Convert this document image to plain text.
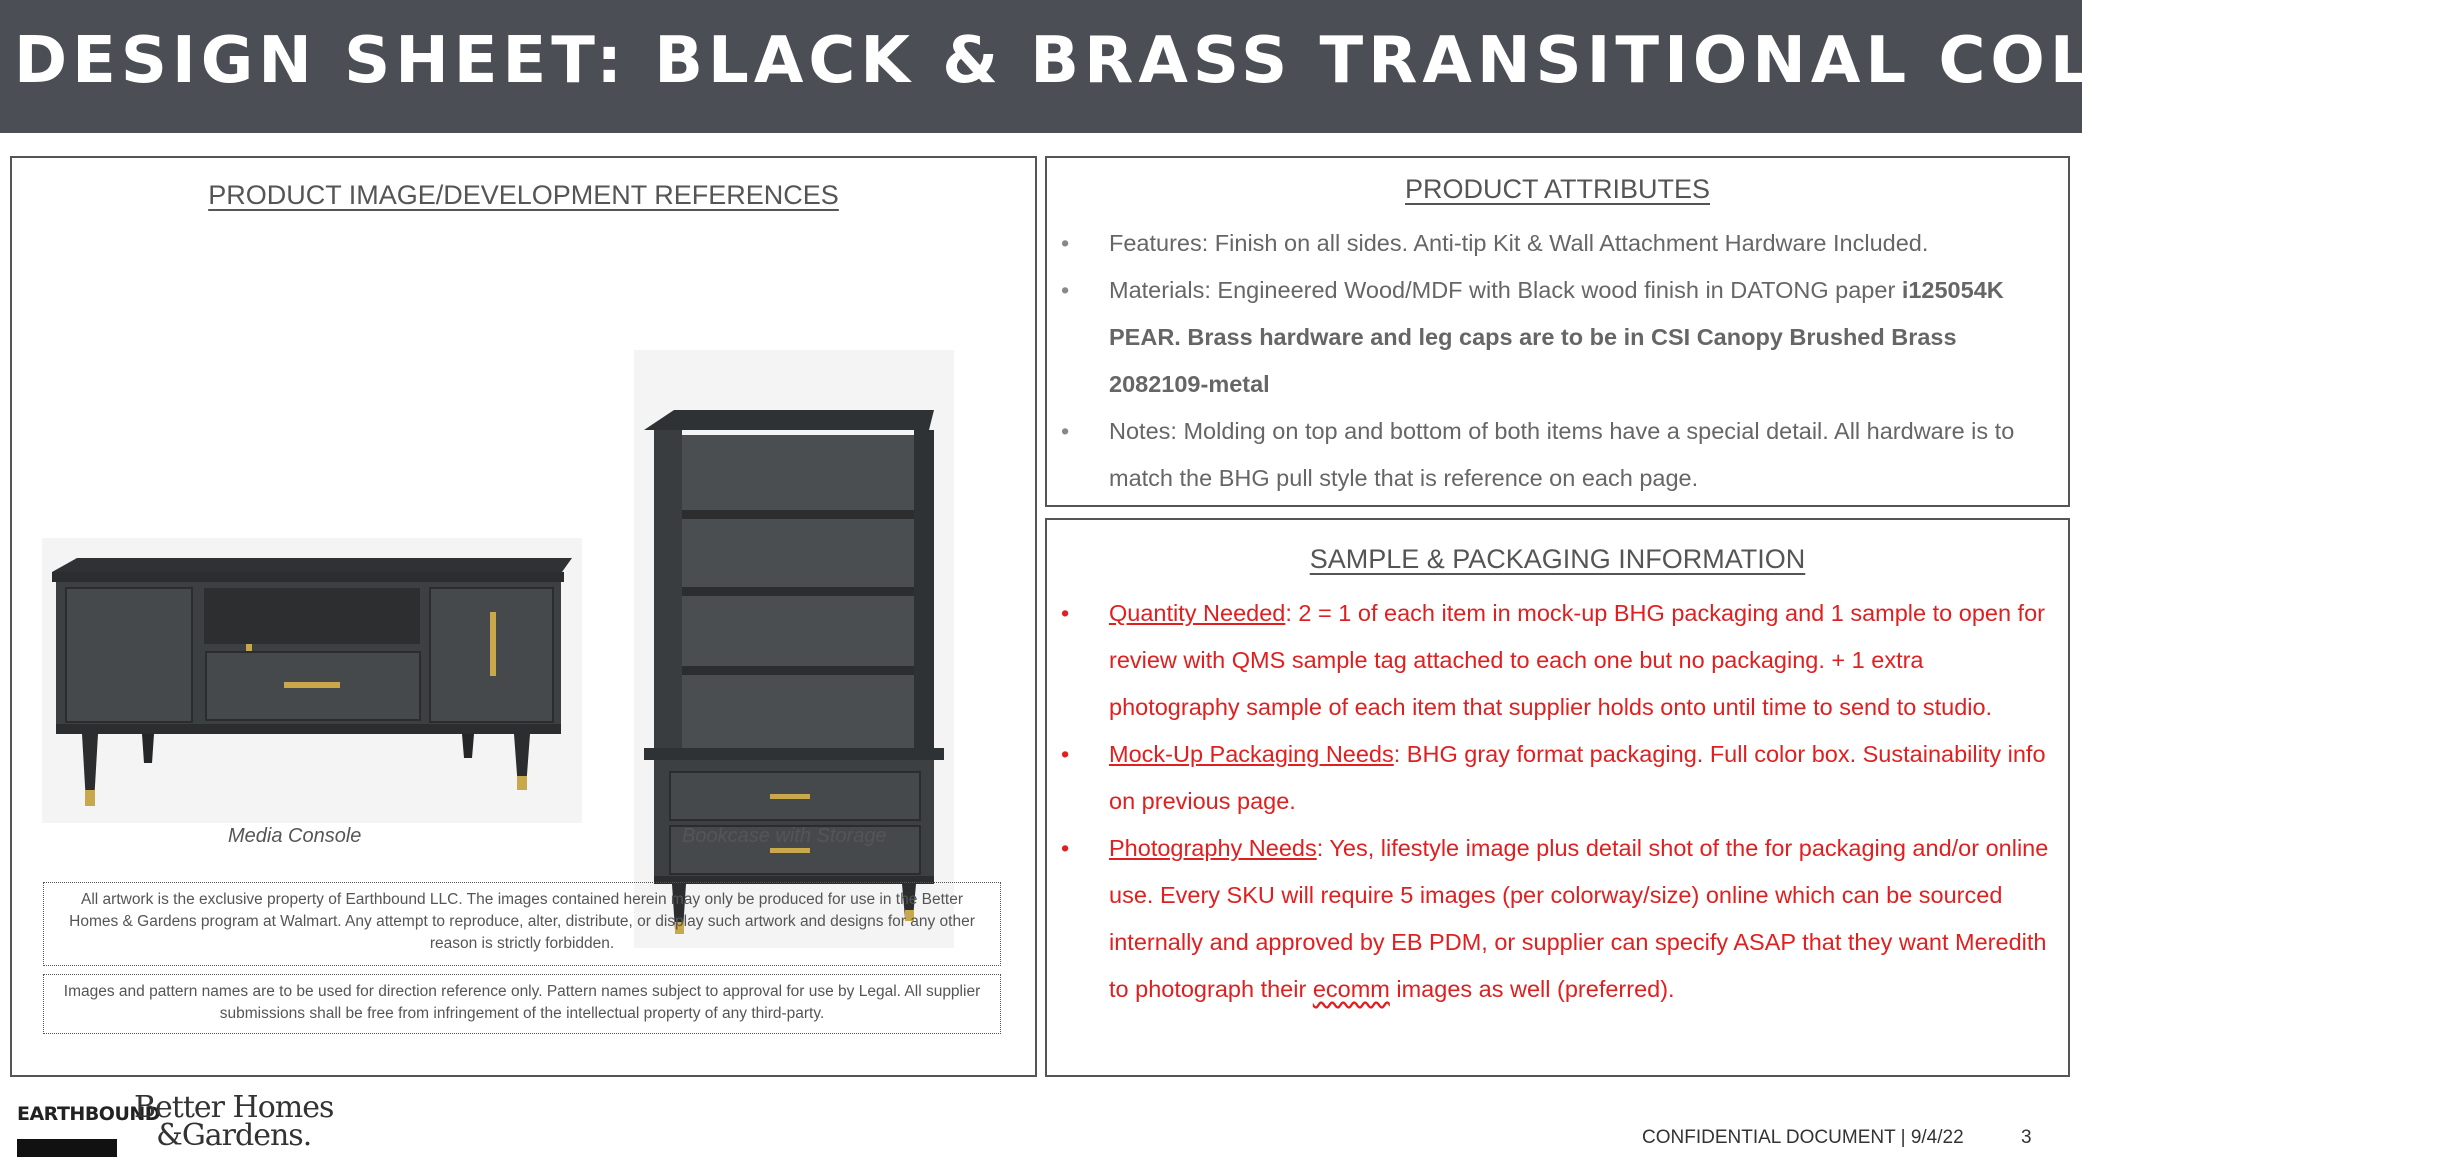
DESIGN SHEET: BLACK & BRASS TRANSITIONAL COLLECTION
PRODUCT IMAGE/DEVELOPMENT REFERENCES
Media Console	Bookcase with Storage
All artwork is the exclusive property of Earthbound LLC. The images contained herein may only be produced for use in the Better Homes & Gardens program at Walmart. Any attempt to reproduce, alter, distribute, or display such artwork and designs for any other reason is strictly forbidden.
Images and pattern names are to be used for direction reference only. Pattern names subject to approval for use by Legal. All supplier submissions shall be free from infringement of the intellectual property of any third-party.
PRODUCT ATTRIBUTES
• Features: Finish on all sides. Anti-tip Kit & Wall Attachment Hardware Included.
• Materials: Engineered Wood/MDF with Black wood finish in DATONG paper i125054K PEAR. Brass hardware and leg caps are to be in CSI Canopy Brushed Brass 2082109-metal
• Notes: Molding on top and bottom of both items have a special detail. All hardware is to match the BHG pull style that is reference on each page.
SAMPLE & PACKAGING INFORMATION
• Quantity Needed: 2 = 1 of each item in mock-up BHG packaging and 1 sample to open for review with QMS sample tag attached to each one but no packaging. + 1 extra photography sample of each item that supplier holds onto until time to send to studio.
• Mock-Up Packaging Needs: BHG gray format packaging. Full color box. Sustainability info on previous page.
• Photography Needs: Yes, lifestyle image plus detail shot of the for packaging and/or online use. Every SKU will require 5 images (per colorway/size) online which can be sourced internally and approved by EB PDM, or supplier can specify ASAP that they want Meredith to photograph their ecomm images as well (preferred).
EARTHBOUND
Better Homes
&Gardens.	CONFIDENTIAL DOCUMENT | 9/4/22	3
